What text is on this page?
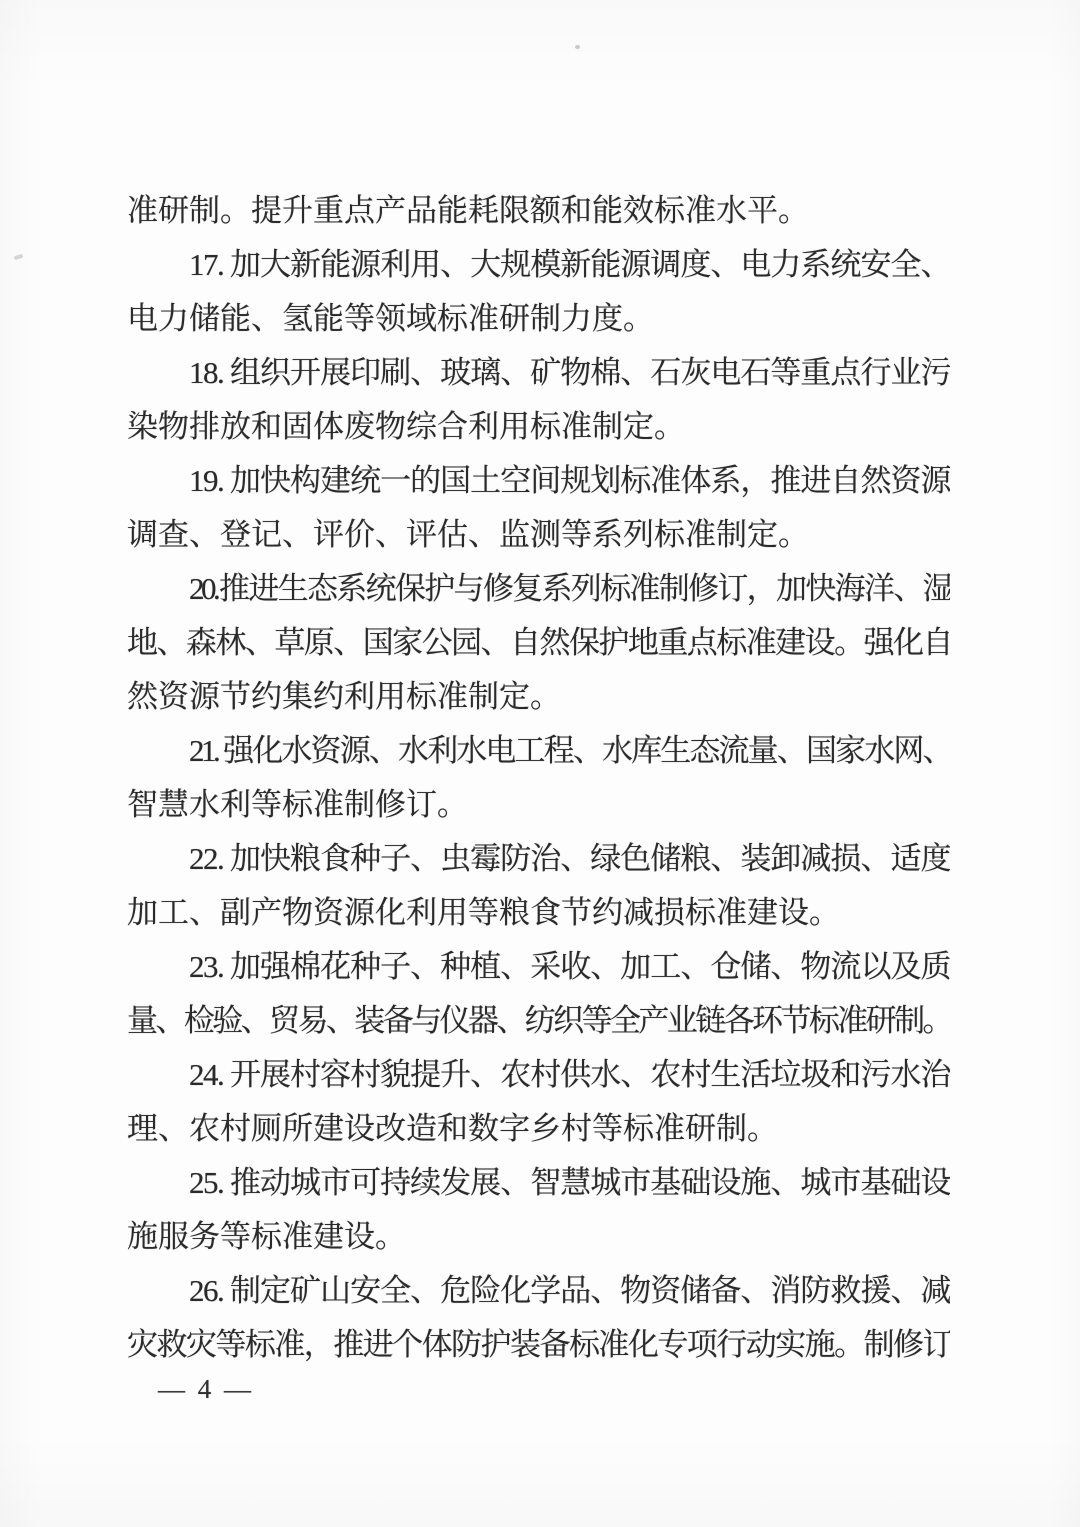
准研制。提升重点产品能耗限额和能效标准水平。

17. 加大新能源利用、大规模新能源调度、电力系统安全、
电力储能、氢能等领域标准研制力度。

18. 组织开展印刷、玻璃、矿物棉、石灰电石等重点行业污
染物排放和固体废物综合利用标准制定。

19. 加快构建统一的国土空间规划标准体系，推进自然资源
调查、登记、评价、评估、监测等系列标准制定。

20.推进生态系统保护与修复系列标准制修订，加快海洋、湿
地、森林、草原、国家公园、自然保护地重点标准建设。强化自
然资源节约集约利用标准制定。

21. 强化水资源、水利水电工程、水库生态流量、国家水网、
智慧水利等标准制修订。

22. 加快粮食种子、虫霉防治、绿色储粮、装卸减损、适度
加工、副产物资源化利用等粮食节约减损标准建设。

23. 加强棉花种子、种植、采收、加工、仓储、物流以及质
量、检验、贸易、装备与仪器、纺织等全产业链各环节标准研制。

24. 开展村容村貌提升、农村供水、农村生活垃圾和污水治
理、农村厕所建设改造和数字乡村等标准研制。

25. 推动城市可持续发展、智慧城市基础设施、城市基础设
施服务等标准建设。

26. 制定矿山安全、危险化学品、物资储备、消防救援、减
灾救灾等标准，推进个体防护装备标准化专项行动实施。制修订

— 4 —
